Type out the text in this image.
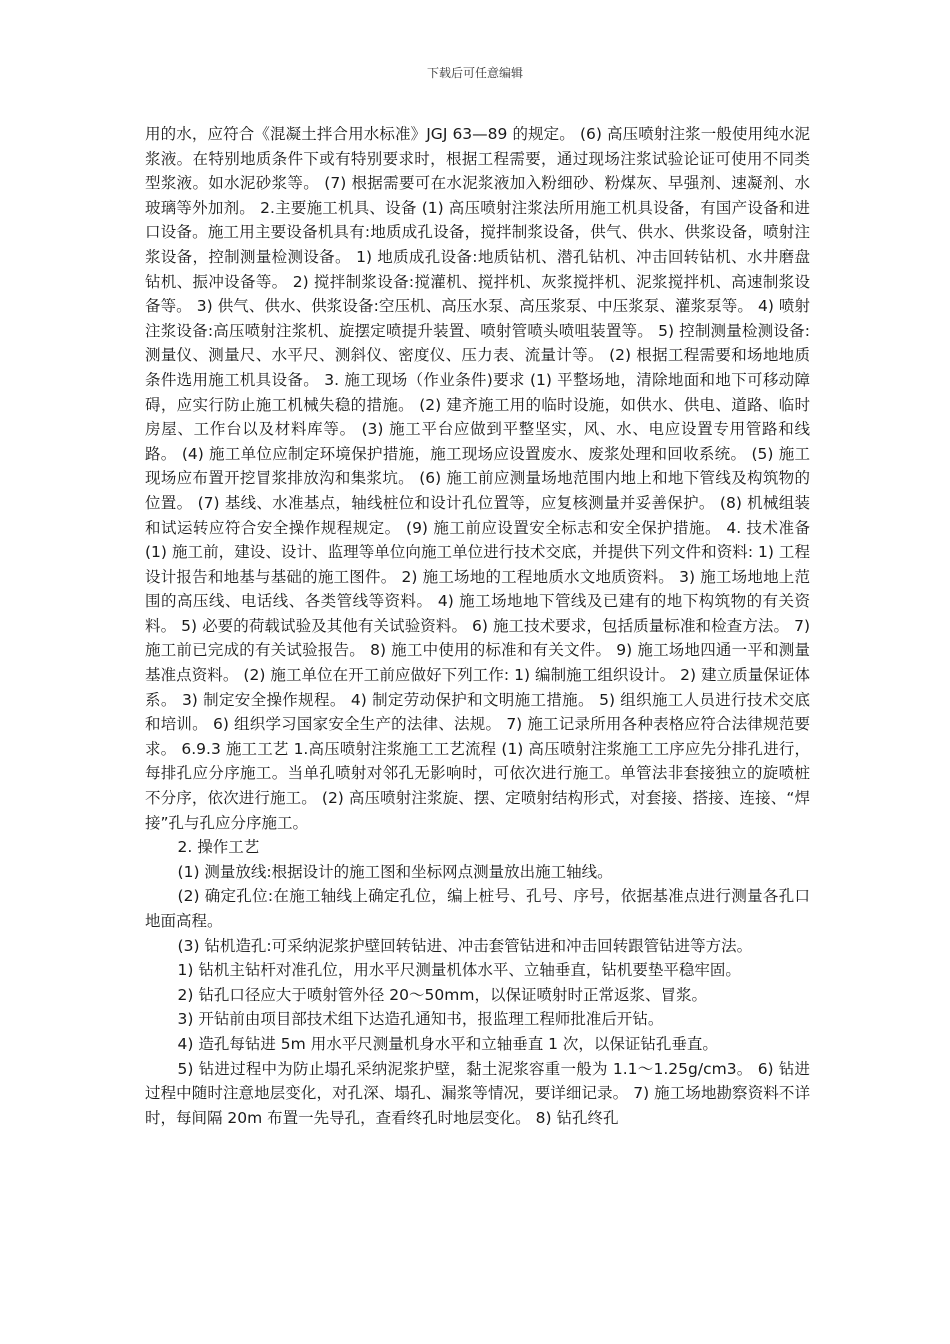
下载后可任意编辑

用的水，应符合《混凝土拌合用水标准》JGJ 63—89 的规定。 (6) 高压喷射注浆一般使用纯水泥浆液。在特别地质条件下或有特别要求时，根据工程需要，通过现场注浆试验论证可使用不同类型浆液。如水泥砂浆等。 (7) 根据需要可在水泥浆液加入粉细砂、粉煤灰、早强剂、速凝剂、水玻璃等外加剂。 2.主要施工机具、设备 (1) 高压喷射注浆法所用施工机具设备，有国产设备和进口设备。施工用主要设备机具有:地质成孔设备，搅拌制浆设备，供气、供水、供浆设备，喷射注浆设备，控制测量检测设备。 1) 地质成孔设备:地质钻机、潜孔钻机、冲击回转钻机、水井磨盘钻机、振冲设备等。 2) 搅拌制浆设备:搅灌机、搅拌机、灰浆搅拌机、泥浆搅拌机、高速制浆设备等。 3) 供气、供水、供浆设备:空压机、高压水泵、高压浆泵、中压浆泵、灌浆泵等。 4) 喷射注浆设备:高压喷射注浆机、旋摆定喷提升装置、喷射管喷头喷咀装置等。 5) 控制测量检测设备:测量仪、测量尺、水平尺、测斜仪、密度仪、压力表、流量计等。 (2) 根据工程需要和场地地质条件选用施工机具设备。 3. 施工现场（作业条件)要求 (1) 平整场地，清除地面和地下可移动障碍，应实行防止施工机械失稳的措施。 (2) 建齐施工用的临时设施，如供水、供电、道路、临时房屋、工作台以及材料库等。 (3) 施工平台应做到平整坚实，风、水、电应设置专用管路和线路。 (4) 施工单位应制定环境保护措施，施工现场应设置废水、废浆处理和回收系统。 (5) 施工现场应布置开挖冒浆排放沟和集浆坑。 (6) 施工前应测量场地范围内地上和地下管线及构筑物的位置。 (7) 基线、水准基点，轴线桩位和设计孔位置等，应复核测量并妥善保护。 (8) 机械组装和试运转应符合安全操作规程规定。 (9) 施工前应设置安全标志和安全保护措施。 4. 技术准备 (1) 施工前，建设、设计、监理等单位向施工单位进行技术交底，并提供下列文件和资料: 1) 工程设计报告和地基与基础的施工图件。 2) 施工场地的工程地质水文地质资料。 3) 施工场地地上范围的高压线、电话线、各类管线等资料。 4) 施工场地地下管线及已建有的地下构筑物的有关资料。 5) 必要的荷载试验及其他有关试验资料。 6) 施工技术要求，包括质量标准和检查方法。 7) 施工前已完成的有关试验报告。 8) 施工中使用的标准和有关文件。 9) 施工场地四通一平和测量基准点资料。 (2) 施工单位在开工前应做好下列工作: 1) 编制施工组织设计。 2) 建立质量保证体系。 3) 制定安全操作规程。 4) 制定劳动保护和文明施工措施。 5) 组织施工人员进行技术交底和培训。 6) 组织学习国家安全生产的法律、法规。 7) 施工记录所用各种表格应符合法律规范要求。 6.9.3 施工工艺 1.高压喷射注浆施工工艺流程 (1) 高压喷射注浆施工工序应先分排孔进行，每排孔应分序施工。当单孔喷射对邻孔无影响时，可依次进行施工。单管法非套接独立的旋喷桩不分序，依次进行施工。 (2) 高压喷射注浆旋、摆、定喷射结构形式，对套接、搭接、连接、“焊接”孔与孔应分序施工。

2. 操作工艺

(1) 测量放线:根据设计的施工图和坐标网点测量放出施工轴线。

(2) 确定孔位:在施工轴线上确定孔位，编上桩号、孔号、序号，依据基准点进行测量各孔口地面高程。

(3) 钻机造孔:可采纳泥浆护壁回转钻进、冲击套管钻进和冲击回转跟管钻进等方法。

1) 钻机主钻杆对准孔位，用水平尺测量机体水平、立轴垂直，钻机要垫平稳牢固。

2) 钻孔口径应大于喷射管外径 20～50mm，以保证喷射时正常返浆、冒浆。

3) 开钻前由项目部技术组下达造孔通知书，报监理工程师批准后开钻。

4) 造孔每钻进 5m 用水平尺测量机身水平和立轴垂直 1 次，以保证钻孔垂直。

5) 钻进过程中为防止塌孔采纳泥浆护壁，黏土泥浆容重一般为 1.1～1.25g/cm3。 6) 钻进过程中随时注意地层变化，对孔深、塌孔、漏浆等情况，要详细记录。 7) 施工场地勘察资料不详时，每间隔 20m 布置一先导孔，查看终孔时地层变化。 8) 钻孔终孔
